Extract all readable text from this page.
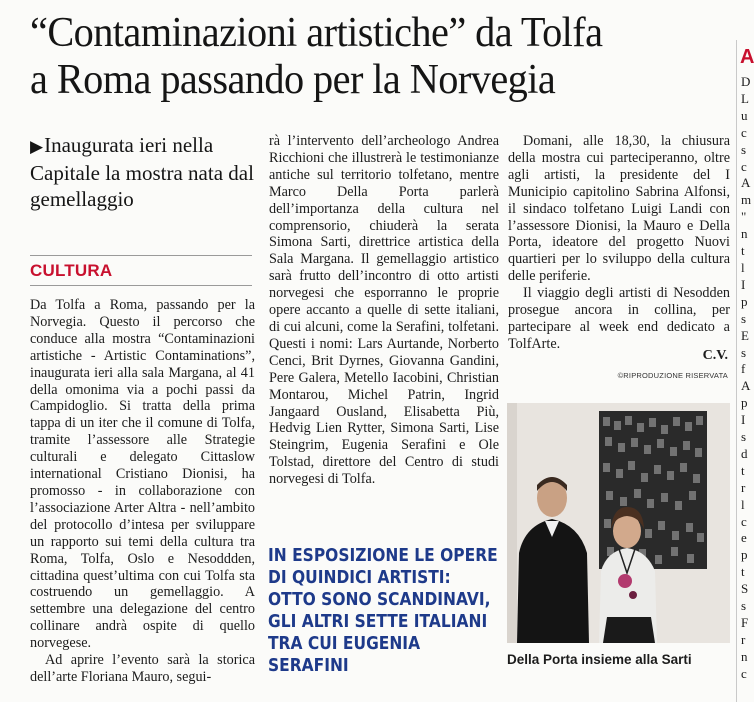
“Contaminazioni artistiche” da Tolfa
a Roma passando per la Norvegia

▶Inaugurata ieri nella Capitale la mostra nata dal gemellaggio

CULTURA

Da Tolfa a Roma, passando per la Norvegia. Questo il percorso che conduce alla mostra “Contaminazioni artistiche - Artistic Contaminations”, inaugurata ieri alla sala Margana, al 41 della omonima via a pochi passi da Campidoglio. Si tratta della prima tappa di un iter che il comune di Tolfa, tramite l’assessore alle Strategie culturali e delegato Cittaslow international Cristiano Dionisi, ha promosso - in collaborazione con l’associazione Arter Altra - nell’ambito del protocollo d’intesa per sviluppare un rapporto sui temi della cultura tra Roma, Tolfa, Oslo e Nesoddden, cittadina quest’ultima con cui Tolfa sta costruendo un gemellaggio. A settembre una delegazione del centro collinare andrà ospite di quello norvegese.

Ad aprire l’evento sarà la storica dell’arte Floriana Mauro, segui-

rà l’intervento dell’archeologo Andrea Ricchioni che illustrerà le testimonianze antiche sul territorio tolfetano, mentre Marco Della Porta parlerà dell’importanza della cultura nel comprensorio, chiuderà la serata Simona Sarti, direttrice artistica della Sala Margana. Il gemellaggio artistico sarà frutto dell’incontro di otto artisti norvegesi che esporranno le proprie opere accanto a quelle di sette italiani, di cui alcuni, come la Serafini, tolfetani. Questi i nomi: Lars Aurtande, Norberto Cenci, Brit Dyrnes, Giovanna Gandini, Pere Galera, Metello Iacobini, Christian Montarou, Michel Patrin, Ingrid Jangaard Ousland, Elisabetta Più, Hedvig Lien Rytter, Simona Sarti, Lise Steingrim, Eugenia Serafini e Ole Tolstad, direttore del Centro di studi norvegesi di Tolfa.

IN ESPOSIZIONE LE OPERE DI QUINDICI ARTISTI: OTTO SONO SCANDINAVI, GLI ALTRI SETTE ITALIANI TRA CUI EUGENIA SERAFINI

Domani, alle 18,30, la chiusura della mostra cui parteciperanno, oltre agli artisti, la presidente del I Municipio capitolino Sabrina Alfonsi, il sindaco tolfetano Luigi Landi con l’assessore Dionisi, la Mauro e Della Porta, ideatore del progetto Nuovi quartieri per lo sviluppo della cultura delle periferie.

Il viaggio degli artisti di Nesodden prosegue ancora in collina, per partecipare al week end dedicato a TolfArte.

C.V.
©RIPRODUZIONE RISERVATA
Della Porta insieme alla Sarti
A
D
L
u
c
s
c
A
m
"
n
t
l
I
p
s
E
s
f
A
p
I
s
d
t
r
l
c
e
p
t
S
s
F
r
n
c
